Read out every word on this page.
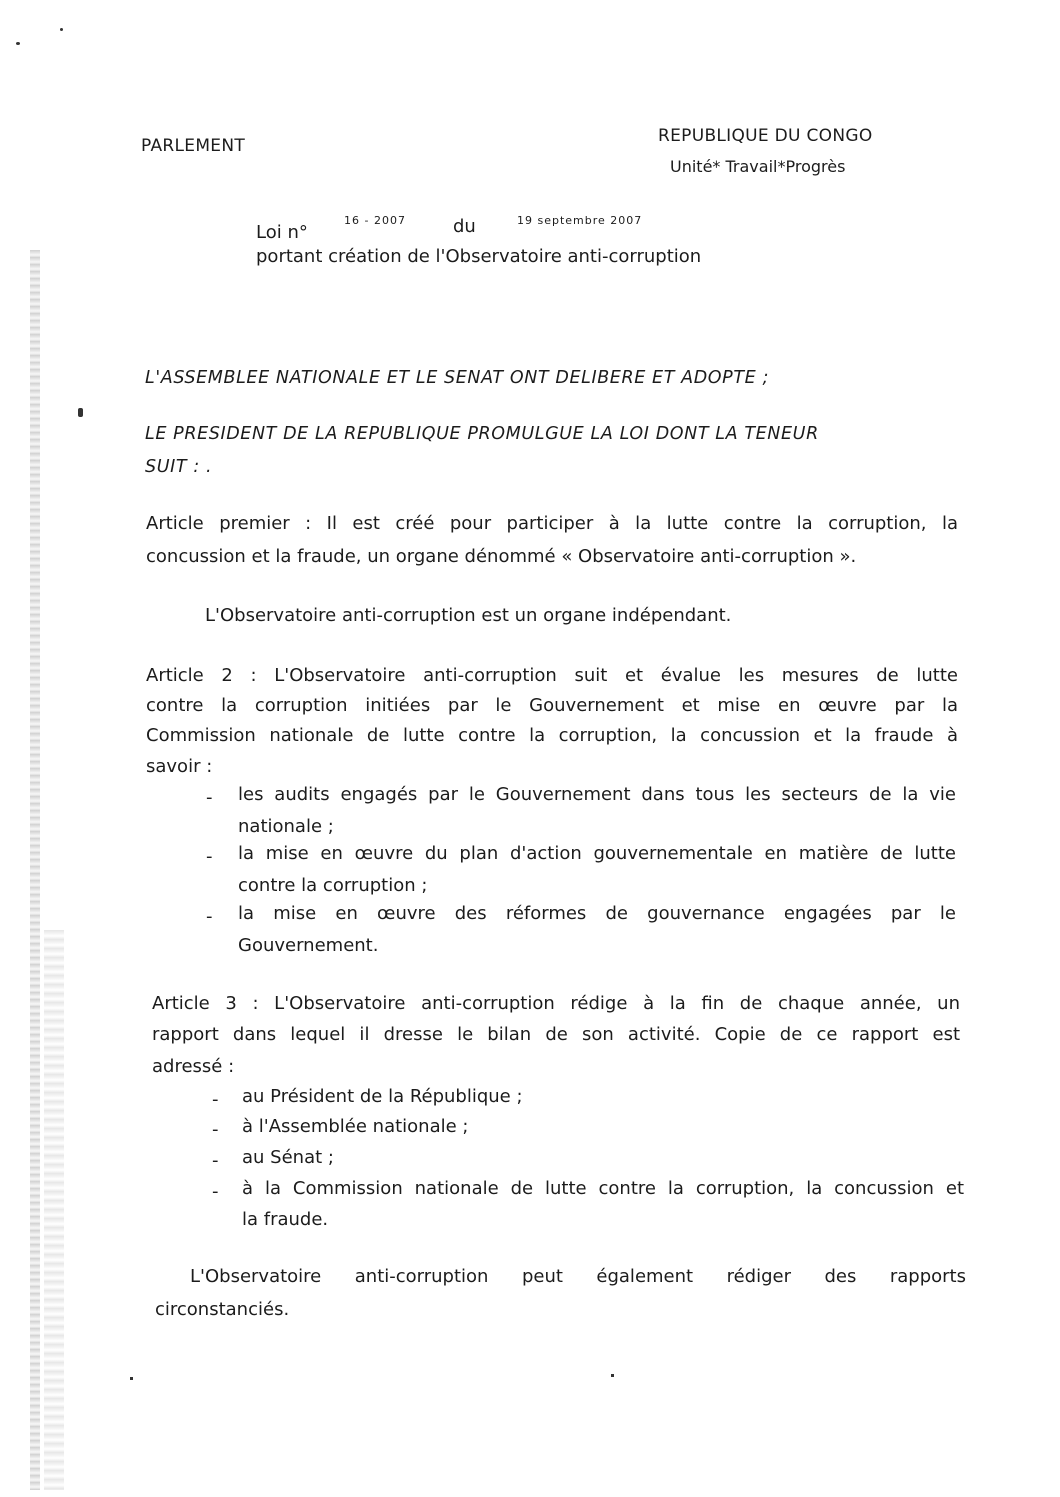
PARLEMENT	REPUBLIQUE DU CONGO

Unité* Travail*Progrès

Loi n°

16 - 2007	du	19 septembre 2007

portant création de l'Observatoire anti-corruption

L'ASSEMBLEE NATIONALE ET LE SENAT ONT DELIBERE ET ADOPTE ;

LE PRESIDENT DE LA REPUBLIQUE PROMULGUE LA LOI DONT LA TENEUR

SUIT : .

Article premier : Il est créé pour participer à la lutte contre la corruption, la

concussion et la fraude, un organe dénommé « Observatoire anti-corruption ».

L'Observatoire anti-corruption est un organe indépendant.

Article 2 : L'Observatoire anti-corruption suit et évalue les mesures de lutte

contre la corruption initiées par le Gouvernement et mise en œuvre par la

Commission nationale de lutte contre la corruption, la concussion et la fraude à

savoir :

- les audits engagés par le Gouvernement dans tous les secteurs de la vie

nationale ;

- la mise en œuvre du plan d'action gouvernementale en matière de lutte

contre la corruption ;

- la mise en œuvre des réformes de gouvernance engagées par le

Gouvernement.

Article 3 : L'Observatoire anti-corruption rédige à la fin de chaque année, un

rapport dans lequel il dresse le bilan de son activité. Copie de ce rapport est

adressé :

- au Président de la République ;

- à l'Assemblée nationale ;

- au Sénat ;

- à la Commission nationale de lutte contre la corruption, la concussion et

la fraude.

L'Observatoire anti-corruption peut également rédiger des rapports

circonstanciés.
